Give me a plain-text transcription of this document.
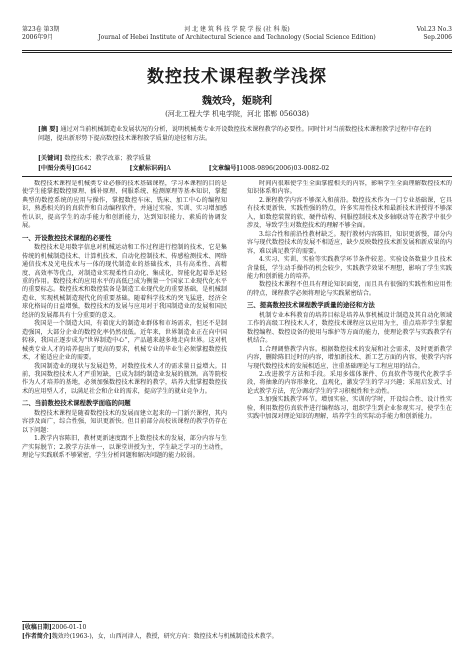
第23卷 第3期
2006年9月
河 北 建 筑 科 技 学 院 学 报 (社 科 版)
Journal of Hebei Institute of Architectural Science and Technology (Social Science Edition)
Vol.23 No.3
Sep.2006
数控技术课程教学浅探
魏效玲，姬晓利
(河北工程大学 机电学院，河北 邯郸 056038)
[摘 要] 通过对当前机械制造业发展状况的分析，说明机械类专业开设数控技术课程教学的必要性。同时针对当前数控技术课程教学过程中存在的问题，提出新形势下提高数控技术课程教学质量的途径和方法。
[关键词] 数控技术；教学改革；教学质量
[中图分类号]G642	[文献标识码]A	[文章编号]1008-9896(2006)03-0082-02

数控技术课程是机械类专业必修的技术基础课程，学习本课程的目的是使学生能掌握数控原理、插补原理、伺服系统、检测原理等基本知识，掌握典型的数控系统的应用与操作，掌握数控车床、铣床、加工中心的编程知识，熟悉相关的的真软件和自动编程软件，并通过实验、实训、实习增加感性认识，提高学生的动手能力和创新能力，达到知识能力、素质的协调发展。

一、开设数控技术课程的必要性

数控技术是用数字信息对机械运动和工作过程进行控制的技术，它是集传统的机械制造技术、计算机技术、自动化控制技术、传感检测技术、网络通信技术及光电技术与一体的现代制造业的基础技术，具有高柔性、高精度、高效率等优点，对制造业实现柔性自动化、集成化、智能化起着举足轻重的作用。数控技术的应用水平的高低已成为衡量一个国家工业现代化水平的重要标志。数控技术和数控装备是制造工业现代化的重要基础，是机械制造业、实现机械制造现代化的重要基础。随着科学技术的突飞猛进，经济全球化格局的日益增强，数控技术的发展与应用对于我国制造业的发展和国民经济的发展都具有十分重要的意义。

我国是一个制造大国，有着庞大的制造业群体和市场需求，但还不是制造强国，大部分企业的数控化率仍然很低。近年来，世界制造业正在向中国转移，我国正逐步成为“世界制造中心”，产品越来越多地走向世界。这对机械类专业人才的培养提出了更高的要求，机械专业的毕业生必须掌握数控技术，才能适应企业的需要。

我国制造业的现状与发展趋势，对数控技术人才的需求量日益增大。目前，我国数控技术人才严重短缺，已成为制约制造业发展的瓶颈。高等院校作为人才培养的基地，必须加强数控技术课程的教学，培养大批掌握数控技术的应用型人才，以满足社会和企业的需求，提高学生的就业竞争力。

二、当前数控技术课程教学面临的问题

数控技术课程是随着数控技术的发展而建立起来的一门新兴课程，其内容涉及面广，综合性强，知识更新快。但目前部分高校该课程的教学仍存在以下问题：

1.教学内容陈旧，教材更新速度跟不上数控技术的发展，部分内容与生产实际脱节；2.教学方法单一，以课堂讲授为主，学生缺乏学习的主动性，理论与实践联系不够紧密，学生分析问题和解决问题的能力较弱。

时间内很难使学生全面掌握相关的内容，影响学生全面理解数控技术的知识体系和内容。

2.课程教学内容不够深入和前沿。数控技术作为一门专业基础课，它具有技术更新快、实践性强的特点，许多实用性技术和最新技术讲授得不够深入，如数控装置的软、硬件结构、伺服控制技术及多轴联动等在教学中很少涉及，导致学生对数控技术的理解不够全面。

3.综合性和前沿性教材缺乏。现行教材内容陈旧，知识更新慢，部分内容与现代数控技术的发展不相适应，缺少反映数控技术新发展和新成果的内容，难以满足教学的需要。

4.实习、实训、实验等实践教学环节条件较差。实验设备数量少且技术含量低，学生动手操作的机会较少，实践教学效果不理想，影响了学生实践能力和创新能力的培养。

数控技术课程不但具有理论知识面宽，而且具有很强的实践性和应用性的特点，课程教学必须将理论与实践紧密结合。

三、提高数控技术课程教学质量的途径和方法

机制专业本科教育的培养目标是培养从事机械设计制造及其自动化领域工作的高级工程技术人才，数控技术课程应以应用为主，重点培养学生掌握数控编程、数控设备的使用与维护等方面的能力，使理论教学与实践教学有机结合。

1.合理调整教学内容。根据数控技术的发展和社会需求，及时更新教学内容，删除陈旧过时的内容，增加新技术、新工艺方面的内容，使教学内容与现代数控技术的发展相适应，注重基础理论与工程应用的结合。

2.改进教学方法和手段。采用多媒体课件、仿真软件等现代化教学手段，将抽象的内容形象化、直观化，激发学生的学习兴趣；采用启发式、讨论式教学方法，充分调动学生的学习积极性和主动性。

3.加强实践教学环节。增加实验、实训的学时，开设综合性、设计性实验，利用数控仿真软件进行编程练习，组织学生到企业参观实习，使学生在实践中加深对理论知识的理解，培养学生的实际动手能力和创新能力。

[收稿日期]2006-01-10
[作者简介]魏效玲(1963-)，女，山西河津人，教授，研究方向：数控技术与机械制造技术教学。
